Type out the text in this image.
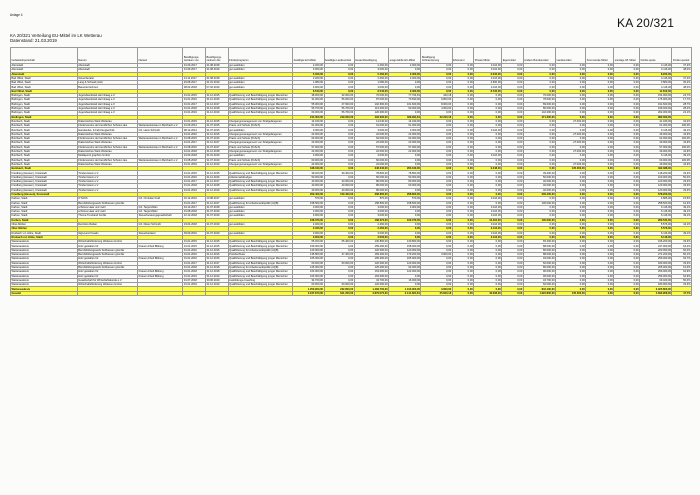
Anlage 4
KA 20/321
KA 20/321 Verteilung EU-Mittel im LK Wetterau
Datenstand: 21.03.2019
Gebietskörperschaft	Name1	Name2	Bewilligungs-zeitraum von	Bewilligungs-zeitraum bis	Förderprogramm	bewilligte EU-Mittel	bewilligte Landesmittel	Gesamtbewilligung	ausgezahlte EU-Mittel	Bewilligung Kofinanzierung	Ehrenamt	Private Mittel	Eigenmittel	Andere Bundesmittel	Landesmittel	Kommunale Mittel	sonstige öff. Mittel	Förder-quote	Förder-quote2
Altenstadt	Altenstadt		01.09.2017	31.08.2018	gut ausbilden	2.460,00	0,00	2.460,00	2.460,00	0,00	0,00	3.116,00	0,00	0,00	0,00	0,00	0,00	4.116,00	37,4%
Altenstadt	Altenstadt		01.09.2017	31.08.2019	gut ausbilden	3.000,00	0,00	3.000,00	0,00	0,00	0,00	3.116,00	0,00	0,00	0,00	0,00	0,00	4.116,00	48,0%
Altenstadt						5.460,00	0,00	5.460,00	2.460,00	0,00	0,00	6.232,00	0,00	0,00	0,00	0,00	0,00	8.232,00	
Bad Vilbel, Stadt	Steuerberater		13.11.2017	31.08.2018	gut ausbilden	2.460,00	0,00	2.460,00	2.460,00	0,00	0,00	3.116,00	0,00	0,00	0,00	0,00	0,00	4.116,00	37,4%
Bad Vilbel, Stadt	Lang & Schwab (HH)		29.08.2017	31.01.2019	gut ausbilden	1.080,00	0,00	1.080,00	0,00	0,00	0,00	2.500,00	0,00	0,00	0,00	0,00	0,00	3.580,00	30,2%
Bad Vilbel, Stadt	Bauunternehmen		08.02.2018	07.02.2019	gut ausbilden	3.000,00	0,00	3.000,00	0,00	0,00	0,00	3.116,00	0,00	0,00	0,00	0,00	0,00	4.116,00	48,0%
Bad Vilbel, Stadt						6.540,00	0,00	6.540,00	2.460,00	0,00	0,00	8.732,00	0,00	0,00	0,00	0,00	0,00	11.812,00	
Büdingen, Stadt	Jugendwerkstatt Herrnhaag e.V.		01.01.2015	31.12.2015	Qualifizierung und Beschäftigung junger Menschen	38.000,00	32.000,00	70.000,00	77.704,81	440,18	0,00	0,00	0,00	76.000,00	0,00	0,00	0,00	154.000,00	24,7%
Büdingen, Stadt	Jugendwerkstatt Herrnhaag e.V.		01.01.2016	31.12.2016	Qualifizierung und Beschäftigung junger Menschen	31.000,00	56.000,00	87.000,00	70.690,00	9.800,00	0,00	0,00	0,00	78.000,00	0,00	0,00	0,00	175.000,00	17,7%
Büdingen, Stadt	Jugendwerkstatt Herrnhaag e.V.		01.01.2017	31.12.2017	Qualifizierung und Beschäftigung junger Menschen	55.000,00	47.600,00	102.600,00	101.600,00	8.000,00	0,00	0,00	0,00	89.000,00	0,00	0,00	0,00	191.600,00	28,7%
Büdingen, Stadt	Jugendwerkstatt Herrnhaag e.V.		01.01.2018	31.12.2018	Qualifizierung und Beschäftigung junger Menschen	56.700,00	56.700,00	113.400,00	90.000,00	4.000,00	0,00	0,00	0,00	86.000,00	0,00	0,00	0,00	199.400,00	28,4%
Büdingen, Stadt	Jugendwerkstatt Herrnhaag e.V.		01.01.2019	31.12.2019	Qualifizierung und Beschäftigung junger Menschen	63.300,00	56.700,00	120.000,00	0,00	0,00	0,00	0,00	0,00	142.300,00	0,00	0,00	0,00	262.300,00	24,1%
Büdingen, Stadt						244.000,00	249.000,00	493.000,00	339.994,81	22.240,18	0,00	0,00	0,00	471.300,00	0,00	0,00	0,00	982.300,00	
Butzbach, Stadt	Diakonisches Werk Wetterau		01.01.2015	31.12.2015	Übergangsmanagement von Strafgefangenen	14.040,00	0,00	14.040,00	14.040,00	0,00	0,00	0,00	0,00	0,00	27.000,00	0,00	0,00	41.040,00	34,2%
Butzbach, Stadt	Fördervereins der beruflichen Schulen des	Wetterauskreises in Butzbach e.V.	01.09.2014	31.07.2015	Praxis und Schule (PuSch)	61.000,00	0,00	61.000,00	61.000,00	0,00	0,00	0,00	0,00	0,00	0,00	0,00	0,00	61.000,00	100,0%
Butzbach, Stadt	Handwerks- & Fahrzeugtechnik	Inh. Hans Schmidt	08.12.2014	31.07.2015	gut ausbilden	3.000,00	0,00	3.000,00	3.000,00	0,00	0,00	3.116,00	0,00	0,00	0,00	0,00	0,00	6.116,00	49,1%
Butzbach, Stadt	Diakonisches Werk Wetterau		01.01.2016	31.12.2016	Übergangsmanagement von Strafgefangenen	22.000,00	0,00	22.000,00	22.000,00	0,00	0,00	0,00	0,00	0,00	27.000,00	0,00	0,00	49.000,00	44,9%
Butzbach, Stadt	Fördervereins der beruflichen Schulen des	Wetterauskreises in Butzbach e.V.	01.08.2015	31.07.2016	Praxis und Schule (PuSch)	62.000,00	0,00	62.000,00	62.000,00	0,00	0,00	0,00	0,00	0,00	0,00	0,00	0,00	62.000,00	100,0%
Butzbach, Stadt	Diakonisches Werk Wetterau		01.01.2017	31.12.2017	Übergangsmanagement von Strafgefangenen	22.000,00	0,00	22.000,00	22.000,00	0,00	0,00	0,00	0,00	0,00	27.000,00	0,00	0,00	49.000,00	44,9%
Butzbach, Stadt	Fördervereins der beruflichen Schulen des	Wetterauskreises in Butzbach e.V.	01.08.2016	31.07.2017	Praxis und Schule (PuSch)	57.000,00	0,00	57.000,00	57.000,00	0,00	0,00	0,00	0,00	0,00	0,00	0,00	0,00	57.000,00	100,0%
Butzbach, Stadt	Diakonisches Werk Wetterau		01.01.2018	31.12.2018	Übergangsmanagement von Strafgefangenen	22.000,00	0,00	22.000,00	22.000,00	0,00	0,00	0,00	0,00	0,00	27.000,00	0,00	0,00	49.000,00	44,9%
Butzbach, Stadt	Mediapoint graphics GmbH		24.03.2018	31.01.2019	gut ausbilden	3.000,00	0,00	3.000,00	0,00	0,00	0,00	3.116,00	0,00	0,00	0,00	0,00	0,00	6.116,00	49,1%
Butzbach, Stadt	Fördervereins der beruflichen Schulen des	Wetterauskreises in Butzbach e.V.	01.08.2018	31.07.2019	Praxis und Schule (PuSch)	60.000,00	0,00	60.000,00	0,00	0,00	0,00	0,00	0,00	0,00	0,00	0,00	0,00	60.000,00	100,0%
Butzbach, Stadt	Diakonisches Werk Wetterau		01.01.2019	31.12.2019	Übergangsmanagement von Strafgefangenen	22.000,00	0,00	22.000,00	0,00	0,00	0,00	0,00	0,00	0,00	27.000,00	0,00	0,00	49.000,00	44,9%
Butzbach, Stadt						348.040,00	0,00	348.040,00	263.040,00	0,00	0,00	9.348,00	0,00	0,00	135.000,00	0,00	0,00	492.388,00	
Friedberg (Hessen), Kreisstadt	Tinsbernstein e.V.		01.01.2015	31.12.2015	Qualifizierung und Beschäftigung junger Menschen	39.400,00	39.400,00	78.800,00	78.800,00	0,00	0,00	0,00	0,00	39.400,00	0,00	0,00	0,00	118.200,00	33,3%
Friedberg (Hessen), Kreisstadt	Tinsbernstein e.V.		01.01.2016	31.12.2016	Arbeitsmarktbudget	50.000,00	0,00	50.000,00	50.000,00	0,00	0,00	0,00	0,00	50.000,00	0,00	0,00	0,00	100.000,00	50,0%
Friedberg (Hessen), Kreisstadt	Tinsbernstein e.V.		01.01.2017	31.12.2017	Qualifizierung und Beschäftigung junger Menschen	40.000,00	40.000,00	80.000,00	80.000,00	0,00	0,00	0,00	0,00	40.000,00	0,00	0,00	0,00	120.000,00	33,3%
Friedberg (Hessen), Kreisstadt	Tinsbernstein e.V.		01.01.2018	31.12.2018	Qualifizierung und Beschäftigung junger Menschen	40.000,00	40.000,00	80.000,00	60.000,00	0,00	0,00	0,00	0,00	40.000,00	0,00	0,00	0,00	120.000,00	33,3%
Friedberg (Hessen), Kreisstadt	Tinsbernstein e.V.		01.01.2019	31.12.2019	Qualifizierung und Beschäftigung junger Menschen	40.000,00	40.000,00	80.000,00	0,00	0,00	0,00	0,00	0,00	40.000,00	0,00	0,00	0,00	120.000,00	33,3%
Friedberg (Hessen), Kreisstadt						209.400,00	159.400,00	368.800,00	268.800,00	0,00	0,00	0,00	0,00	209.400,00	0,00	0,00	0,00	578.200,00	
Karben, Stadt	OTHOS	Inh. Christian Kraft	16.12.2016	13.08.2017	gut ausbilden	570,00	0,00	570,00	570,00	0,00	0,00	3.116,00	0,00	0,00	0,00	0,00	0,00	3.686,00	15,5%
Karben, Stadt	Berufsbildungswerk Südhessen gGmbH		01.01.2017	31.12.2017	Qualifizierung für Arbeitsmarktpolitik (AQB)	158.500,00	0,00	158.500,00	158.500,00	0,00	0,00	0,00	0,00	100.000,00	0,00	0,00	0,00	258.500,00	61,3%
Karben, Stadt	schönes Haar und mehr	Inh. Tanja Müller	04.12.2017	31.07.2018	gut ausbilden	3.000,00	0,00	3.000,00	3.000,00	0,00	0,00	3.116,00	0,00	0,00	0,00	0,00	0,00	6.116,00	49,1%
Karben, Stadt	schönes Haar und mehr	Inh. Tanja Müller	01.08.2018	31.07.2019	gut ausbilden	3.000,00	0,00	3.000,00	0,00	0,00	0,00	3.116,00	0,00	0,00	0,00	0,00	0,00	6.116,00	49,1%
Karben, Stadt	Thoma Treuhand GmbH	Steuerberatungsgesellschaft	10.12.2018	31.07.2019	gut ausbilden	3.000,00	0,00	3.000,00	0,00	0,00	0,00	3.116,00	0,00	0,00	0,00	0,00	0,00	6.116,00	49,1%
Karben, Stadt						168.070,00	0,00	168.070,00	162.070,00	0,00	0,00	12.464,00	0,00	100.000,00	0,00	0,00	0,00	280.534,00	
Ober-Mörlen	Dentistre Raban	Inh. Dieter Schmidt	19.04.2018	31.07.2019	gut ausbilden	2.460,00	0,00	2.460,00	0,00	0,00	0,00	3.116,00	0,00	0,00	0,00	0,00	0,00	5.576,00	44,1%
Ober-Mörlen						2.460,00	0,00	2.460,00	0,00	0,00	0,00	3.116,00	0,00	0,00	0,00	0,00	0,00	5.576,00	
Rosbach v.d. Höhe, Stadt	Sigl+Lanz Kreativ	Steuerberatern	09.09.2016	31.07.2019	gut ausbilden	3.000,00	0,00	3.000,00	0,00	0,00	0,00	3.116,00	0,00	0,00	0,00	0,00	0,00	6.116,00	49,1%
Rosbach v.d. Höhe, Stadt						3.000,00	0,00	3.000,00	0,00	0,00	0,00	3.116,00	0,00	0,00	0,00	0,00	0,00	6.116,00	
Wetterauskreis	Wirtschaftsförderung Wetterau GmbH		01.01.2015	31.12.2015	Qualifizierung und Beschäftigung junger Menschen	65.400,00	65.400,00	130.800,00	130.800,00	0,00	0,00	0,00	0,00	65.400,00	0,00	0,00	0,00	196.200,00	33,3%
Wetterauskreis	Holz gestalten für	Frauen Arbeit Bildung	01.01.2015	31.12.2015	Qualifizierung und Beschäftigung junger Menschen	159.000,00	0,00	159.000,00	158.000,00	0,00	0,00	0,00	0,00	88.000,00	0,00	0,00	0,00	247.000,00	64,4%
Wetterauskreis	Berufsbildungswerk Südhessen gGmbH		01.01.2016	31.12.2016	Qualifizierung für Arbeitsmarktpolitik (AQB)	120.000,00	0,00	120.000,00	120.000,00	0,00	0,00	0,00	0,00	80.000,00	0,00	0,00	0,00	200.000,00	60,0%
Wetterauskreis	Berufsbildungswerk Südhessen gGmbH		01.01.2016	31.12.2016	ProAbschluss	135.800,00	47.400,00	183.200,00	179.200,00	3.600,00	0,00	0,00	0,00	88.000,00	0,00	0,00	0,00	271.200,00	50,1%
Wetterauskreis	Holz gestalten für	Frauen Arbeit Bildung	01.01.2016	31.12.2016	Qualifizierung und Beschäftigung junger Menschen	165.000,00	0,00	165.000,00	165.000,00	0,00	0,00	0,00	0,00	94.000,00	0,00	0,00	0,00	259.000,00	63,7%
Wetterauskreis	Wirtschaftsförderung Wetterau GmbH		01.01.2017	31.12.2017	Qualifizierung und Beschäftigung junger Menschen	60.000,00	60.000,00	120.000,00	120.000,00	0,00	0,00	0,00	0,00	60.000,00	0,00	0,00	0,00	180.000,00	33,3%
Wetterauskreis	Berufsbildungswerk Südhessen gGmbH		01.01.2018	31.12.2018	Qualifizierung für Arbeitsmarktpolitik (AQB)	125.000,00	0,00	125.000,00	92.000,00	0,00	0,00	0,00	0,00	80.000,00	0,00	0,00	0,00	205.000,00	61,0%
Wetterauskreis	Holz gestalten für	Frauen Arbeit Bildung	01.01.2018	31.12.2018	Qualifizierung und Beschäftigung junger Menschen	163.000,00	0,00	163.000,00	122.000,00	0,00	0,00	0,00	0,00	96.000,00	0,00	0,00	0,00	259.000,00	62,9%
Wetterauskreis	Holz gestalten für	Frauen Arbeit Bildung	01.01.2019	31.12.2019	Qualifizierung und Beschäftigung junger Menschen	163.000,00	0,00	163.000,00	0,00	0,00	0,00	0,00	0,00	96.000,00	0,00	0,00	0,00	259.000,00	62,9%
Wetterauskreis	Gesellschaft für Wirtschaftskunde e.V.		01.07.2018	30.06.2019	Ausbildungs-Coaching	34.700,00	0,00	34.700,00	16.000,00	0,00	0,00	0,00	0,00	34.700,00	0,00	0,00	0,00	69.400,00	50,0%
Wetterauskreis	Wirtschaftsförderung Wetterau GmbH		01.01.2019	31.12.2019	Qualifizierung und Beschäftigung junger Menschen	60.000,00	60.000,00	120.000,00	0,00	0,00	0,00	0,00	0,00	60.000,00	0,00	0,00	0,00	180.000,00	33,3%
Wetterauskreis						1.250.900,00	232.800,00	1.483.700,00	1.103.000,00	3.600,00	0,00	0,00	0,00	842.100,00	0,00	0,00	0,00	2.325.800,00	
Gesamt						2.237.870,00	641.200,00	2.879.070,00	2.141.824,81	25.840,18	0,00	43.008,00	0,00	1.622.800,00	135.000,00	0,00	0,00	4.690.958,00	47,7%
